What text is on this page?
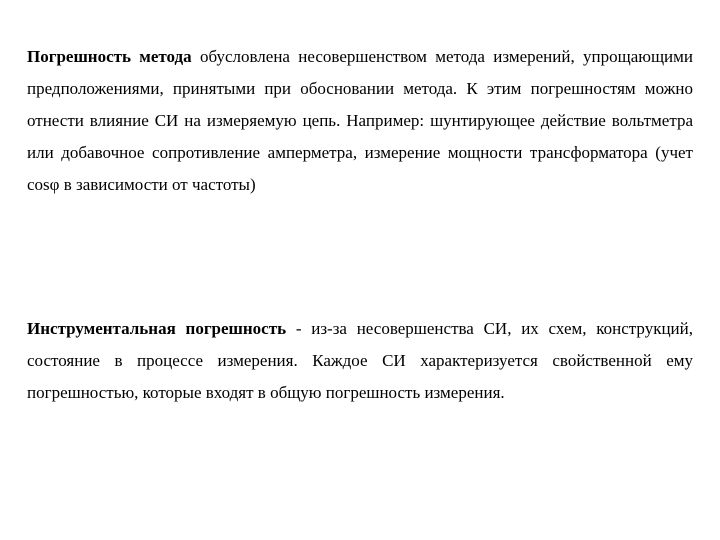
Погрешность метода обусловлена несовершенством метода измерений, упрощающими предположениями, принятыми при обосновании метода. К этим погрешностям можно отнести влияние СИ на измеряемую цепь. Например: шунтирующее действие вольтметра или добавочное сопротивление амперметра, измерение мощности трансформатора (учет cosφ в зависимости от частоты)

Инструментальная погрешность - из-за несовершенства СИ, их схем, конструкций, состояние в процессе измерения. Каждое СИ характеризуется свойственной ему погрешностью, которые входят в общую погрешность измерения.
